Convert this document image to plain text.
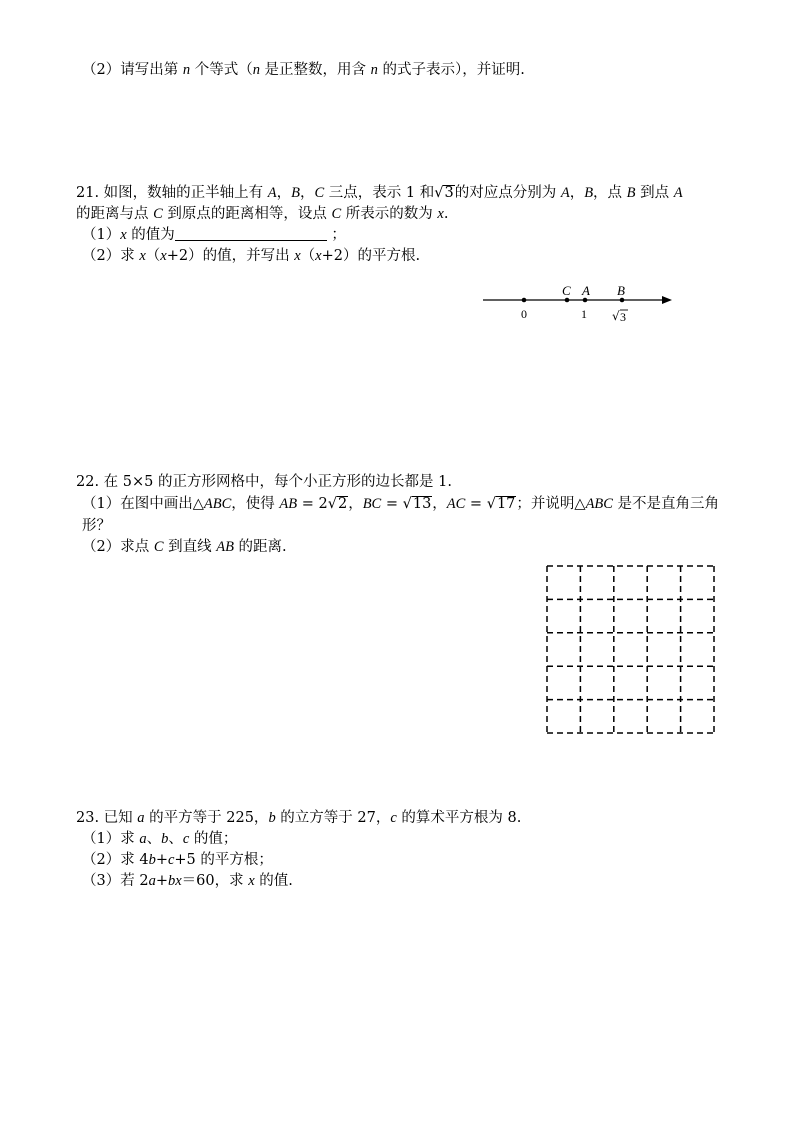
（2）请写出第 n 个等式（n 是正整数，用含 n 的式子表示），并证明.
21. 如图，数轴的正半轴上有 A，B，C 三点，表示 1 和√3的对应点分别为 A，B，点 B 到点 A
的距离与点 C 到原点的距离相等，设点 C 所表示的数为 x.
（1）x 的值为	；
（2）求 x（x+2）的值，并写出 x（x+2）的平方根.
C A B
0	1 √ 3
22. 在 5×5 的正方形网格中，每个小正方形的边长都是 1.
（1）在图中画出△ABC，使得 AB = 2√2，BC = √13，AC = √17；并说明△ABC 是不是直角三角
形？
（2）求点 C 到直线 AB 的距离.
23. 已知 a 的平方等于 225，b 的立方等于 27，c 的算术平方根为 8.
（1）求 a、b、c 的值；
（2）求 4b+c+5 的平方根；
（3）若 2a+bx＝60，求 x 的值.
